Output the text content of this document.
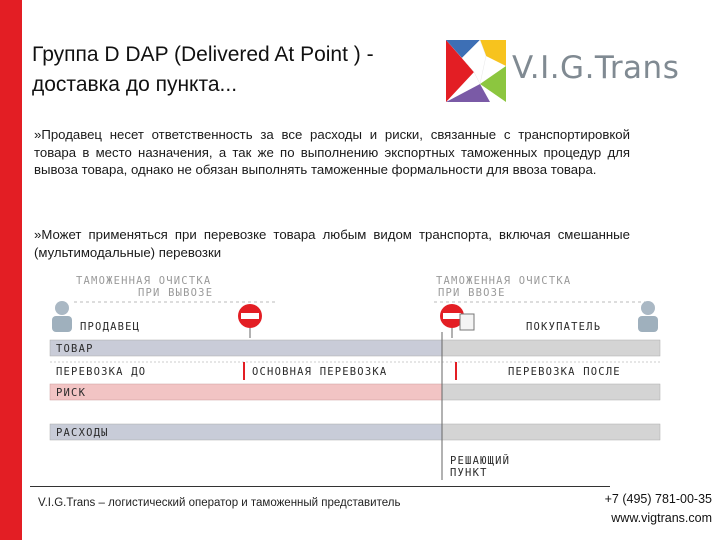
Группа D DAP (Delivered At Point ) -
доставка до пункта...	V.I.G.Trans
»Продавец несет ответственность за все расходы и риски, связанные с транспортировкой товара в место назначения, а так же по выполнению экспортных таможенных процедур для вывоза товара, однако не обязан выполнять таможенные формальности для ввоза товара.
»Может применяться при перевозке товара любым видом транспорта, включая смешанные (мультимодальные) перевозки
ТАМОЖЕННАЯ ОЧИСТКА
ПРИ ВЫВОЗЕ
ТАМОЖЕННАЯ ОЧИСТКА
ПРИ ВВОЗЕ
ПРОДАВЕЦ	ПОКУПАТЕЛЬ
ТОВАР
ПЕРЕВОЗКА ДО	ОСНОВНАЯ ПЕРЕВОЗКА	ПЕРЕВОЗКА ПОСЛЕ
РИСК
РАСХОДЫ
РЕШАЮЩИЙ
ПУНКТ
V.I.G.Trans – логистический оператор и таможенный представитель	+7 (495) 781-00-35
www.vigtrans.com
